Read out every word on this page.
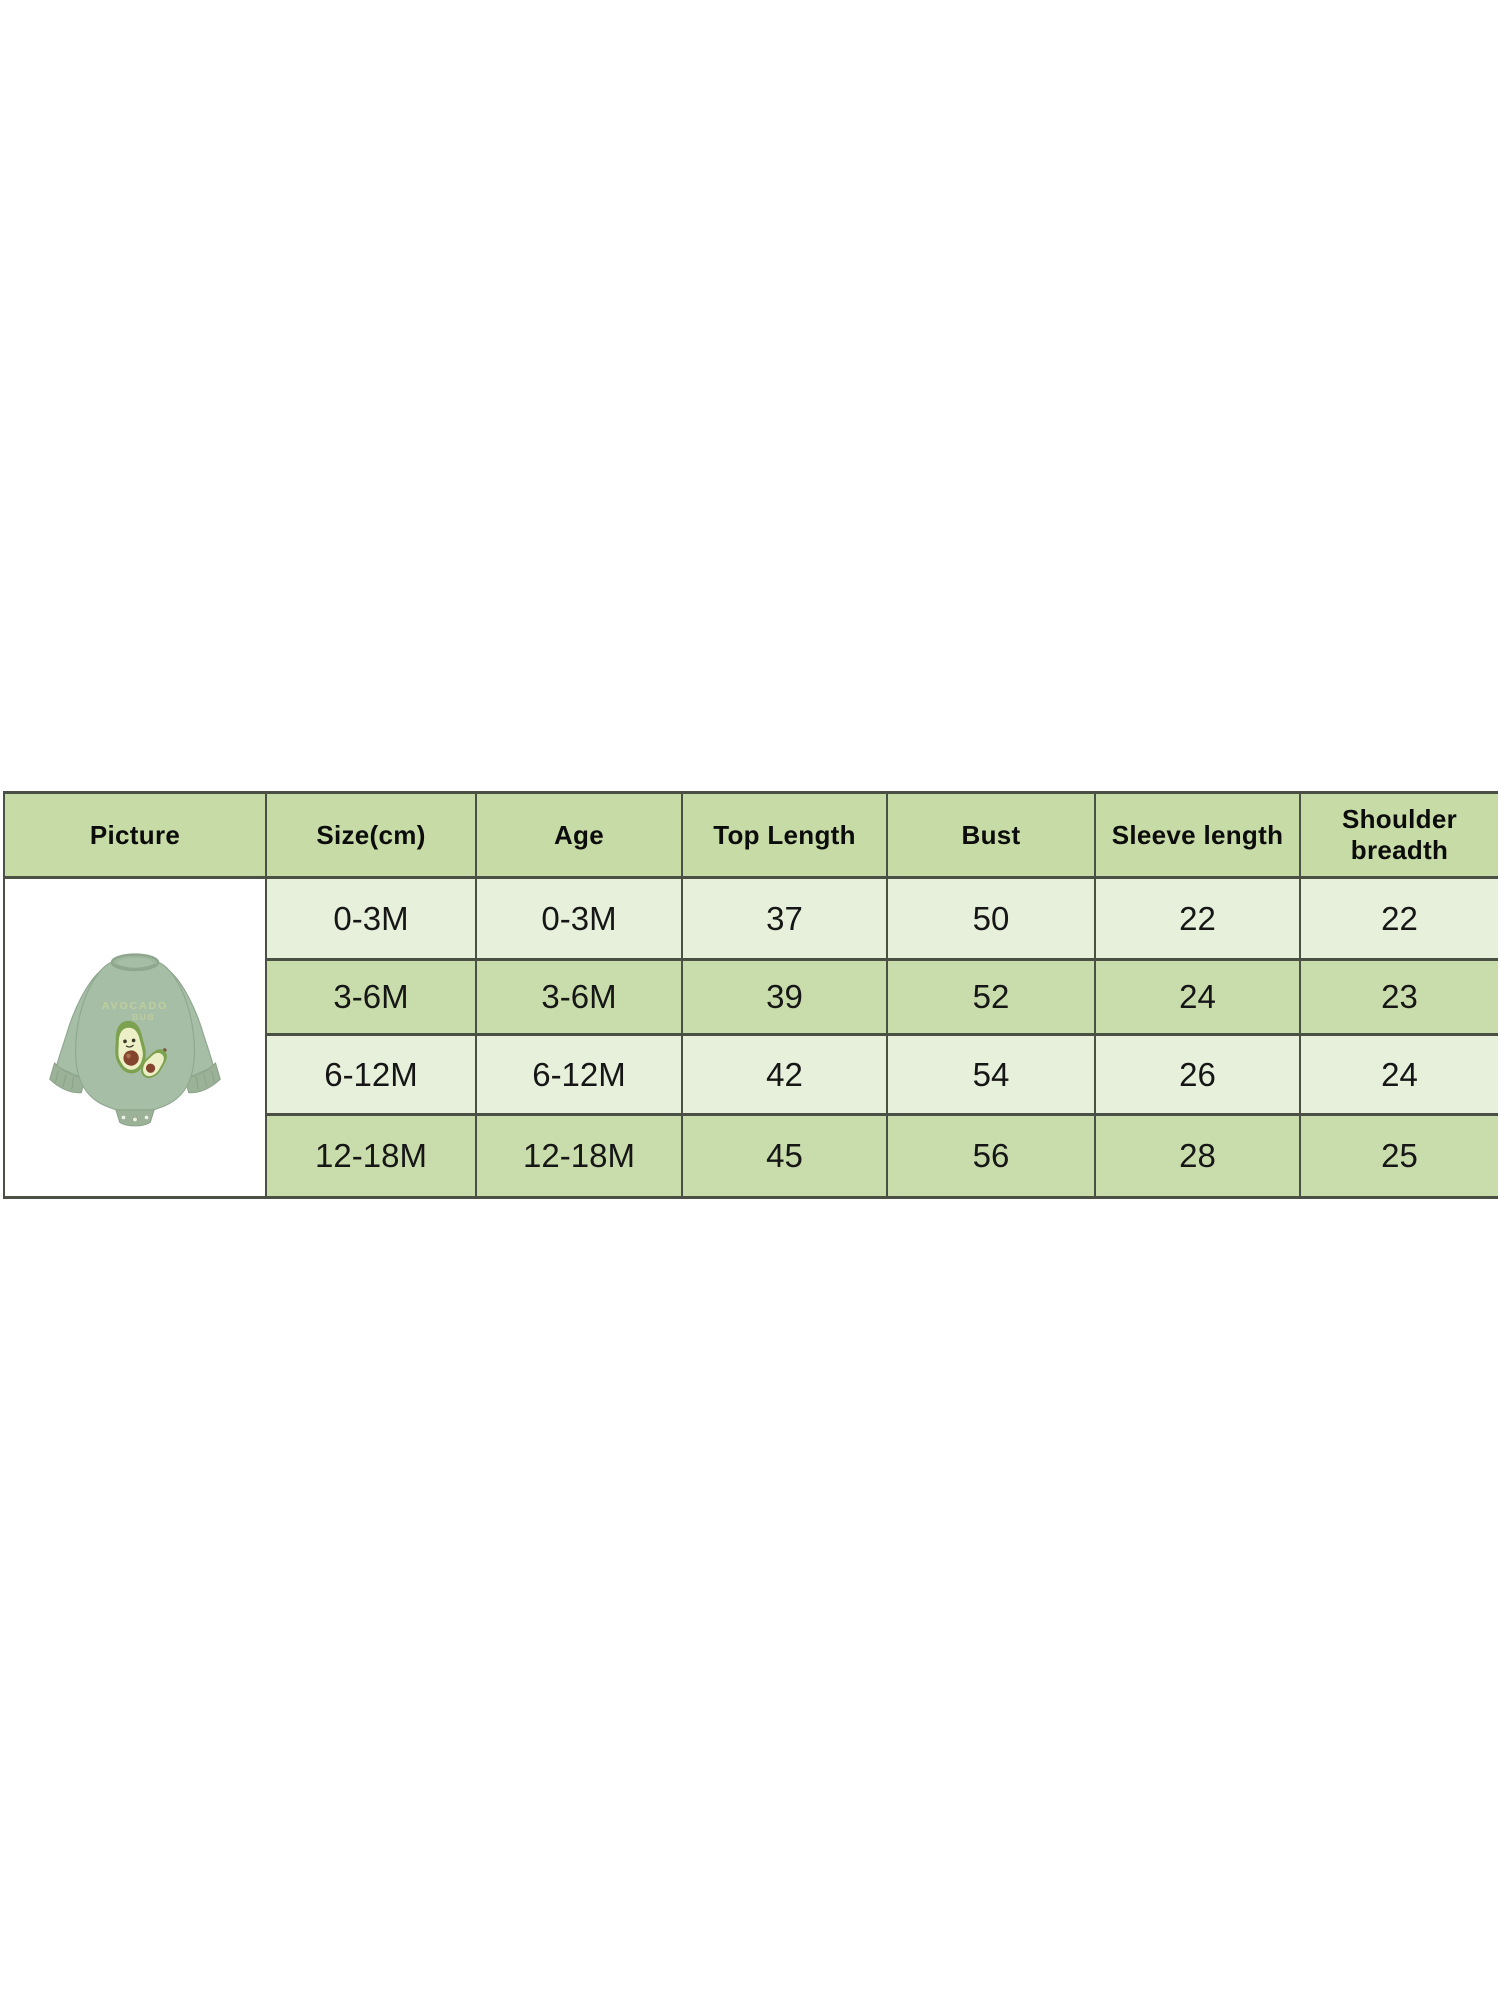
Picture	Size(cm)	Age	Top Length	Bust	Sleeve length	Shoulder breadth

AVOCADO
BUB	0-3M	0-3M	37	50	22	22
	3-6M	3-6M	39	52	24	23
	6-12M	6-12M	42	54	26	24
	12-18M	12-18M	45	56	28	25
